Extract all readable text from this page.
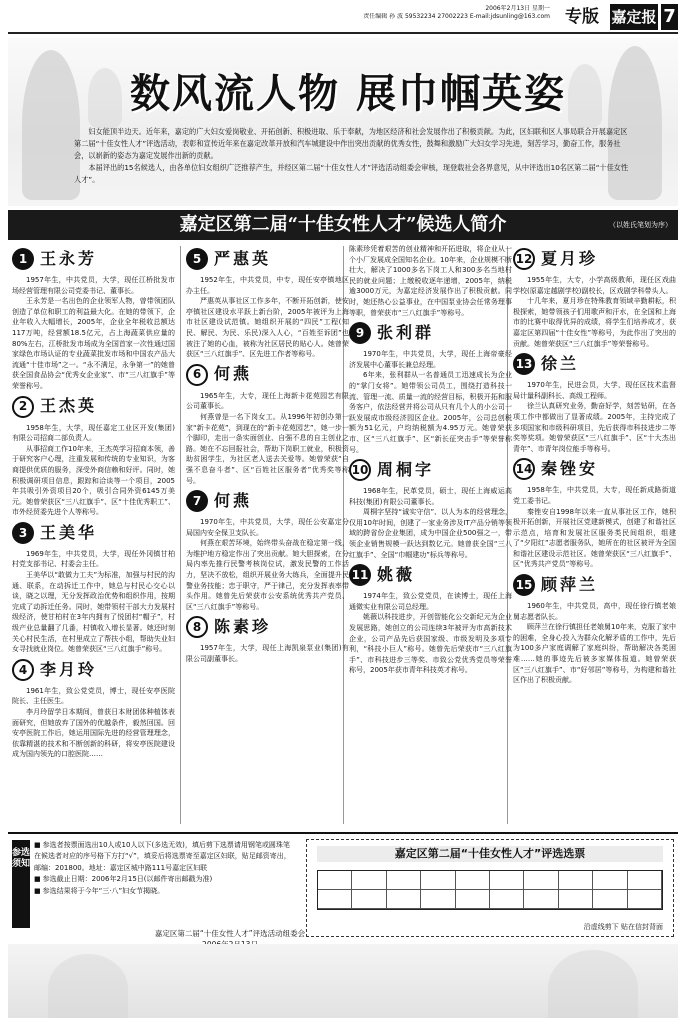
2006年2月13日 星期一
责任编辑 孙 波 59532234 27002223 E-mail:jdsunling@163.com 专版 嘉定报 7
数风流人物 展巾帼英姿

妇女能顶半边天。近年来，嘉定的广大妇女爱岗敬业、开拓创新、积极进取、乐于奉献，为地区经济和社会发展作出了积极贡献。为此，区妇联和区人事局联合开展嘉定区第二届“十佳女性人才”评选活动，表彰和宣传近年来在嘉定改革开放和汽车城建设中作出突出贡献的优秀女性，鼓舞和激励广大妇女学习先进，刻苦学习，勤奋工作，服务社会，以崭新的姿态为嘉定发展作出新的贡献。

本届评出的15名候选人，由各单位妇女组织广泛推荐产生，并经区第二届“十佳女性人才”评选活动组委会审核，现登载社会各界意见，从中评选出10名区第二届“十佳女性人才”。

嘉定区第二届“十佳女性人才”候选人简介	（以姓氏笔划为序）
1 王永芳

1957年生，中共党员，大学，现任江桥批发市场经营管理有限公司党委书记、董事长。

王永芳是一名出色的企业领军人物，曾带领团队创造了单位和职工的利益最大化。在她的带领下，企业年收入大幅增长，2005年，企业全年税收总额达117万吨，经营额18.5亿元，占上海蔬菜供应量的80%左右，江桥批发市场成为全国首家一次性通过国家绿色市场认证的专业蔬菜批发市场和中国农产品大流通“十佳市场”之一。“永不满足，永争第一”的她曾获全国食品协会“优秀女企业家”、市“三八红旗手”等荣誉称号。

2 王杰英

1958年生，大学，现任嘉定工业区开发(集团)有限公司招商二部负责人。

从事招商工作10年来，王杰英学习招商本领，善于研究客户心理，注重发展和传统的专业知识，为客商提供优质的服务，深受外商信赖和好评。同时，她积极调研项目信息，跟踪和洽谈等一个项目，2005年共吸引外资项目20个，吸引合同外资6145万美元。她曾荣获区“三八红旗手”、区“十佳优秀职工”、市外经贸委先进个人等称号。

3 王美华

1969年生，中共党员，大学，现任外冈镇甘柏村党支部书记、村委会主任。

王美华以“敢做力工夫”为标准，加强与村民的沟通、联系，在动拆迁工作中，她总与村民心交心以谈，晓之以理，无分发挥政治优势和组织作用，按期完成了动拆迁任务。同时，她带领村干部大力发展村级经济，使甘柏村在3年内拥有了悦团村“帽子”，村级产业总量翻了几番，村镇收入增长显著。她还时刻关心村民生活，在村里成立了帮扶小组，帮助失业妇女寻找就业岗位。她曾荣获区“三八红旗手”称号。

4 李月玲

1961年生，致公党党员，博士，现任安亭医院院长、主任医生。

李月玲留学日本期间，曾获日本财团体种植体表面研究，但她放弃了国外的优越条件，毅然回国。回安亭医院工作后，她运用国际先进的经营管理理念，依靠精湛的技术和不断创新的科研，将安亭医院建设成为国内领先的口腔医院……

5 严惠英

1952年生，中共党员，中专，现任安亭镇地区办主任。

严惠英从事社区工作多年，不断开拓创新，使安亭镇社区建设水平跃上新台阶，2005年被评为上海市社区建设试范镇。她组织开展的“四民”工程(知民、解民、为民、乐民)深入人心，“百姓至诉团”也被注了她的心血，被称为社区居民的贴心人。她曾荣获区“三八红旗手”、区先进工作者等称号。

6 何燕

1965年生，大专，现任上海新卡花苑园艺有限公司董事长。

何燕曾是一名下岗女工。从1996年初创办第一家“新卡花苑”，到现在的“新卡花苑园艺”，她一步一个脚印，走出一条实面创业、自强不息的自主创业之路。她在不忘回报社会，帮助下岗职工就业，积极资助贫困学生，为社区老人送去关爱等。她曾荣获“自强不息奋斗者”、区“百姓社区服务者”优秀奖等称号。

7 何燕

1970年生，中共党员，大学，现任公安嘉定分局国内安全保卫支队长。

何燕在艰苦环境，始终带头奋战在稳定第一线，为维护地方稳定作出了突出贡献。她大胆探索，在分局内率先推行民警考核岗位试，激发民警的工作活力，坚决不放松，组织开展业务大练兵，全面提升民警业务技能；忠于职守，严于律己，充分发挥表率带头作用。她曾先后荣获市公安系统优秀共产党员、区“三八红旗手”等称号。

8 陈素珍

1957年生，大学，现任上海凯泉泵业(集团)有限公司副董事长。

陈素珍凭着艰苦的创业精神和开拓进取，将企业从一个小厂发展成全国知名企业。10年来，企业规模不断壮大，解决了1000多名下岗工人和300多名当地村民的就业问题；上缴税收逐年递增，2005年，纳税逾3000万元，为嘉定经济发展作出了积极贡献。同时，她还热心公益事业，在中国泵业协会任常务理事等职，曾荣获市“三八红旗手”等称号。

9 张利群

1970年生，中共党员，大学，现任上海帝豪经济发展中心董事长兼总经理。

6年来，张利群从一名普通员工迅速成长为企业的“掌门女将”。她带领公司员工，围绕打造科技一流、管理一流、质量一流的经营目标，积极开拓和服务客户，依法经营并将公司从只有几个人的小公司一跃发展成市级经济园区企业。2005年，公司总创税额为51亿元，户均纳税额为4.95万元。她曾荣获市、区“三八红旗手”、区“新长征突击手”等荣誉称号。

10 周桐字

1968年生，民革党员，硕士，现任上海威运高科技(集团)有限公司董事长。

周桐字坚持“诚实守信”、以人为本的经营理念，仅用10年时间，创建了一家业务涉及IT产品分销等领域的跨省份企业集团，成为中国企业500强之一，带领企业销售规模一跃达到数亿元。她曾获全国“三八红旗手”、全国“巾帼建功”标兵等称号。

11 姚薇

1974年生，致公党党员，在读博士，现任上海通微实业有限公司总经理。

姚薇以科技进步，开创智能化公交新纪元为企业发展思路，她创立的公司连续3年被评为市高新技术企业，公司产品先后获国家级、市级发明及多项专利，“科技小巨人”称号。她曾先后荣获市“三八红旗手”、市科技进步三等奖、市致公党优秀党员等荣誉称号，2005年获市青年科技英才称号。

12 夏月珍

1955年生，大专，小学高级教师，现任区戏曲学校(原嘉定越剧学校)副校长，区戏剧学科带头人。

十几年来，夏月珍在特殊教育领域辛勤耕耘，积极探索，她带领孩子们用歌声和汗水，在全国和上海市的比赛中取得优异的成绩，将学生们培养成才，获嘉定区第四届“十佳女性”等称号，为此作出了突出的贡献。她曾荣获区“三八红旗手”等荣誉称号。

13 徐兰

1970年生，民进会员，大学，现任区技术监督局计量科副科长、高级工程师。

徐兰认真研究业务，勤奋好学，刻苦钻研，在各项工作中都做出了显著成绩。2005年，主持完成了多项国家和市级科研项目，先后获得市科技进步二等奖等奖项。她曾荣获区“三八红旗手”、区“十大杰出青年”、市青年岗位能手等称号。

14 秦锉安

1958年生，中共党员，大专，现任新成路街道党工委书记。

秦锉安自1998年以来一直从事社区工作，她积极开拓创新，开展社区党建新模式，创建了和谐社区示范点，培育和发展社区服务类民间组织，组建了“夕阳红”志愿者服务队，她所在的社区被评为全国和谐社区建设示范社区。她曾荣获区“三八红旗手”、区“优秀共产党员”等称号。

15 顾萍兰

1960年生，中共党员，高中，现任徐行镇老娘舅志愿者队长。

顾萍兰在徐行镇担任老娘舅10年来，克服了家中的困难，全身心投入为群众化解矛盾的工作中，先后为100多户家庭调解了家庭纠纷，帮助解决各类困难……她的事迹先后被多家媒体报道。她曾荣获区“三八红旗手”、市“好邻居”等称号，为构建和谐社区作出了积极贡献。

参选须知
■ 参选者按票面选出10人或10人以下(多选无效)，填后剪下选票请用钢笔或圆珠笔在候选者对应的序号格下方打“√”，填妥后将选票寄至嘉定区妇联，贴足邮资寄出，邮编：201800。地址：嘉定区城中路111号嘉定区妇联
■ 参选截止日期：2006年2月15日(以邮件寄出邮戳为准)
■ 参选结果将于今年“三·八”妇女节揭晓。
嘉定区第二届“十佳女性人才”评选活动组委会
嘉定区第二届“十佳女性人才”评选选票
沿虚线剪下 贴在信封背面
